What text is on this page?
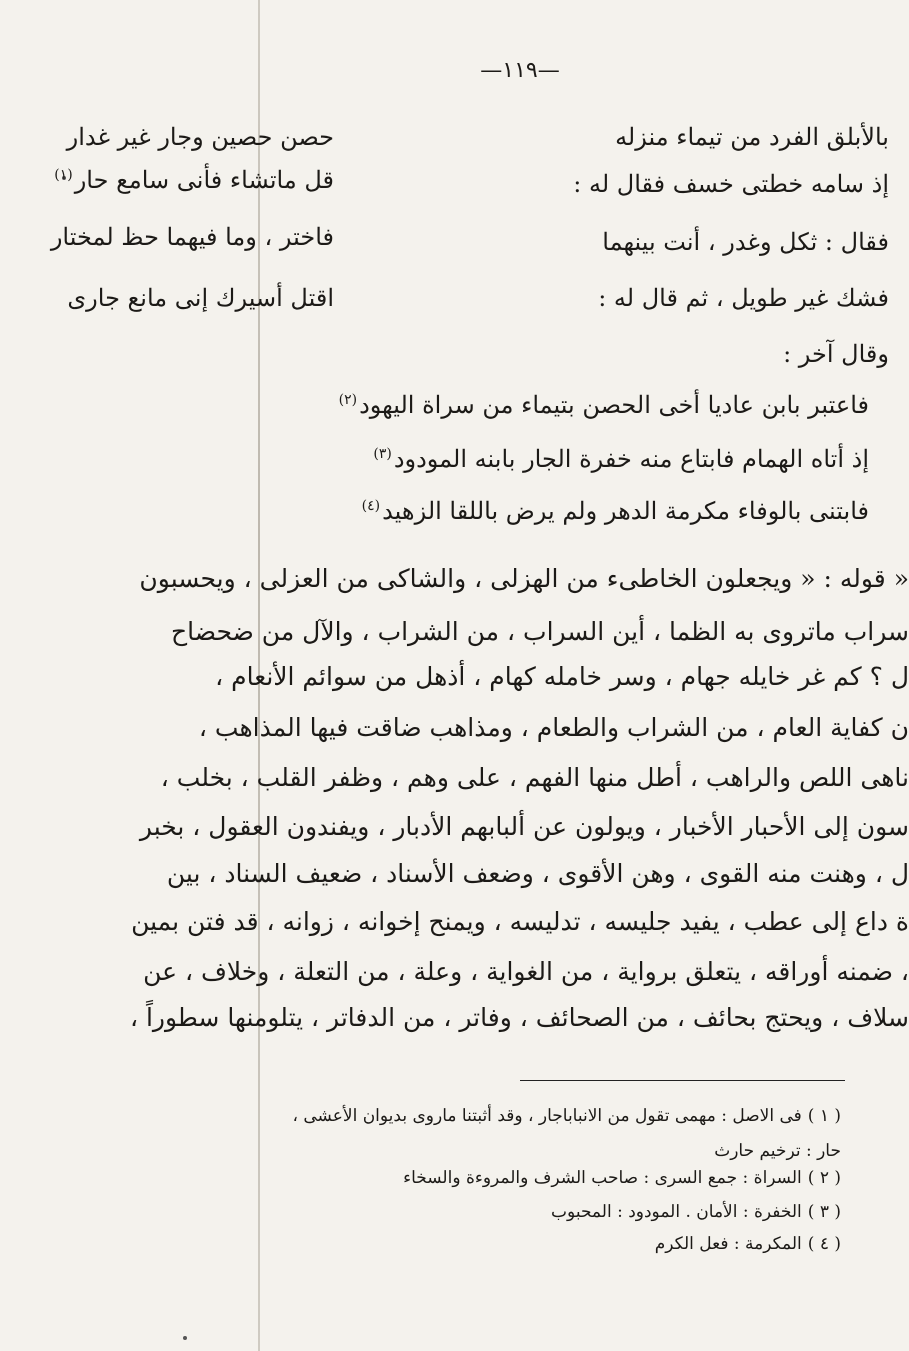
—١١٩—
بالأبلق الفرد من تيماء منزله
حصن حصين وجار غير غدار
إذ سامه خطتى خسف فقال له :
قل ماتشاء فأنى سامع حار$^{(١)}$
فقال : ثكل وغدر ، أنت بينهما
فاختر ، وما فيهما حظ لمختار
فشك غير طويل ، ثم قال له :
اقتل أسيرك إنى مانع جارى
وقال آخر :
فاعتبر بابن عاديا أخى الحصن بتيماء من سراة اليهود$^{(٢)}$
إذ أتاه الهمام فابتاع منه خفرة الجار بابنه المودود$^{(٣)}$
فابتنى بالوفاء مكرمة الدهر ولم يرض باللقا الزهيد$^{(٤)}$
« قوله : « ويجعلون الخاطىء من الهزلى ، والشاكى من العزلى ، ويحسبون
سراب ماتروى به الظما ، أين السراب ، من الشراب ، والآل من ضحضاح
ل ؟ كم غر خايله جهام ، وسر خامله كهام ، أذهل من سوائم الأنعام ،
ن كفاية العام ، من الشراب والطعام ، ومذاهب ضاقت فيها المذاهب ،
ناهى اللص والراهب ، أطل منها الفهم ، على وهم ، وظفر القلب ، بخلب ،
سون إلى الأحبار الأخبار ، ويولون عن ألبابهم الأدبار ، ويفندون العقول ، بخبر
ل ، وهنت منه القوى ، وهن الأقوى ، وضعف الأسناد ، ضعيف السناد ، بين
ة داع إلى عطب ، يفيد جليسه ، تدليسه ، ويمنح إخوانه ، زوانه ، قد فتن بمين
، ضمنه أوراقه ، يتعلق برواية ، من الغواية ، وعلة ، من التعلة ، وخلاف ، عن
سلاف ، ويحتج بحائف ، من الصحائف ، وفاتر ، من الدفاتر ، يتلومنها سطوراً ،
( ١ )فى الاصل : مهمى تقول من الانباباجار ، وقد أثبتنا ماروى بديوان الأعشى ،
حار : ترخيم حارث
( ٢ )السراة : جمع السرى : صاحب الشرف والمروءة والسخاء
( ٣ )الخفرة : الأمان . المودود : المحبوب
( ٤ )المكرمة : فعل الكرم
